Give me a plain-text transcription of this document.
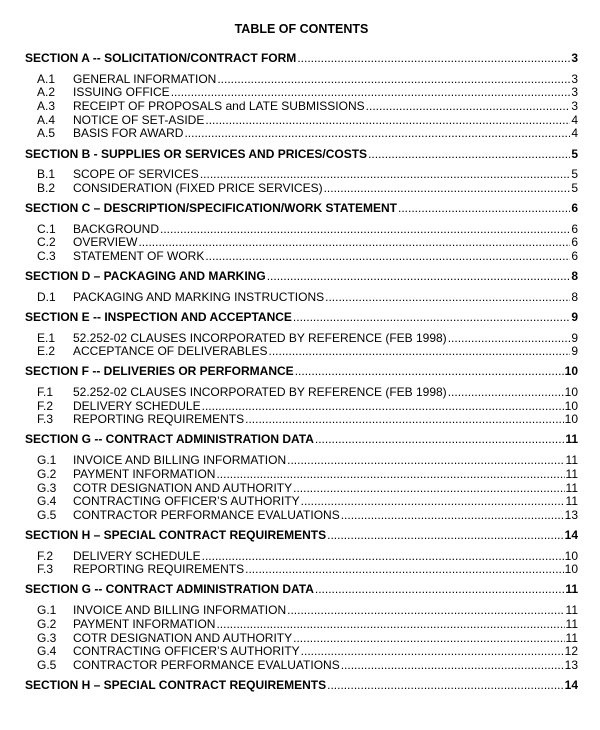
TABLE OF CONTENTS
SECTION A -- SOLICITATION/CONTRACT FORM .....	3
A.1	GENERAL INFORMATION .....	3
A.2	ISSUING OFFICE .....	3
A.3	RECEIPT OF PROPOSALS and LATE SUBMISSIONS .....	3
A.4	NOTICE OF SET-ASIDE .....	4
A.5	BASIS FOR AWARD .....	4
SECTION B - SUPPLIES OR SERVICES AND PRICES/COSTS .....	5
B.1	SCOPE OF SERVICES .....	5
B.2	CONSIDERATION (FIXED PRICE SERVICES) .....	5
SECTION C – DESCRIPTION/SPECIFICATION/WORK STATEMENT .....	6
C.1	BACKGROUND .....	6
C.2	OVERVIEW .....	6
C.3	STATEMENT OF WORK .....	6
SECTION D – PACKAGING AND MARKING .....	8
D.1	PACKAGING AND MARKING INSTRUCTIONS .....	8
SECTION E -- INSPECTION AND ACCEPTANCE .....	9
E.1	52.252-02 CLAUSES INCORPORATED BY REFERENCE (FEB 1998) .....	9
E.2	ACCEPTANCE OF DELIVERABLES .....	9
SECTION F -- DELIVERIES OR PERFORMANCE .....	10
F.1	52.252-02 CLAUSES INCORPORATED BY REFERENCE (FEB 1998) .....	10
F.2	DELIVERY SCHEDULE .....	10
F.3	REPORTING REQUIREMENTS .....	10
SECTION G -- CONTRACT ADMINISTRATION DATA .....	11
G.1	INVOICE AND BILLING INFORMATION .....	11
G.2	PAYMENT INFORMATION .....	11
G.3	COTR DESIGNATION AND AUTHORITY .....	11
G.4	CONTRACTING OFFICER’S AUTHORITY .....	11
G.5	CONTRACTOR PERFORMANCE EVALUATIONS .....	13
SECTION H – SPECIAL CONTRACT REQUIREMENTS .....	14
F.2	DELIVERY SCHEDULE .....	10
F.3	REPORTING REQUIREMENTS .....	10
SECTION G -- CONTRACT ADMINISTRATION DATA .....	11
G.1	INVOICE AND BILLING INFORMATION .....	11
G.2	PAYMENT INFORMATION .....	11
G.3	COTR DESIGNATION AND AUTHORITY .....	11
G.4	CONTRACTING OFFICER’S AUTHORITY .....	12
G.5	CONTRACTOR PERFORMANCE EVALUATIONS .....	13
SECTION H – SPECIAL CONTRACT REQUIREMENTS .....	14
